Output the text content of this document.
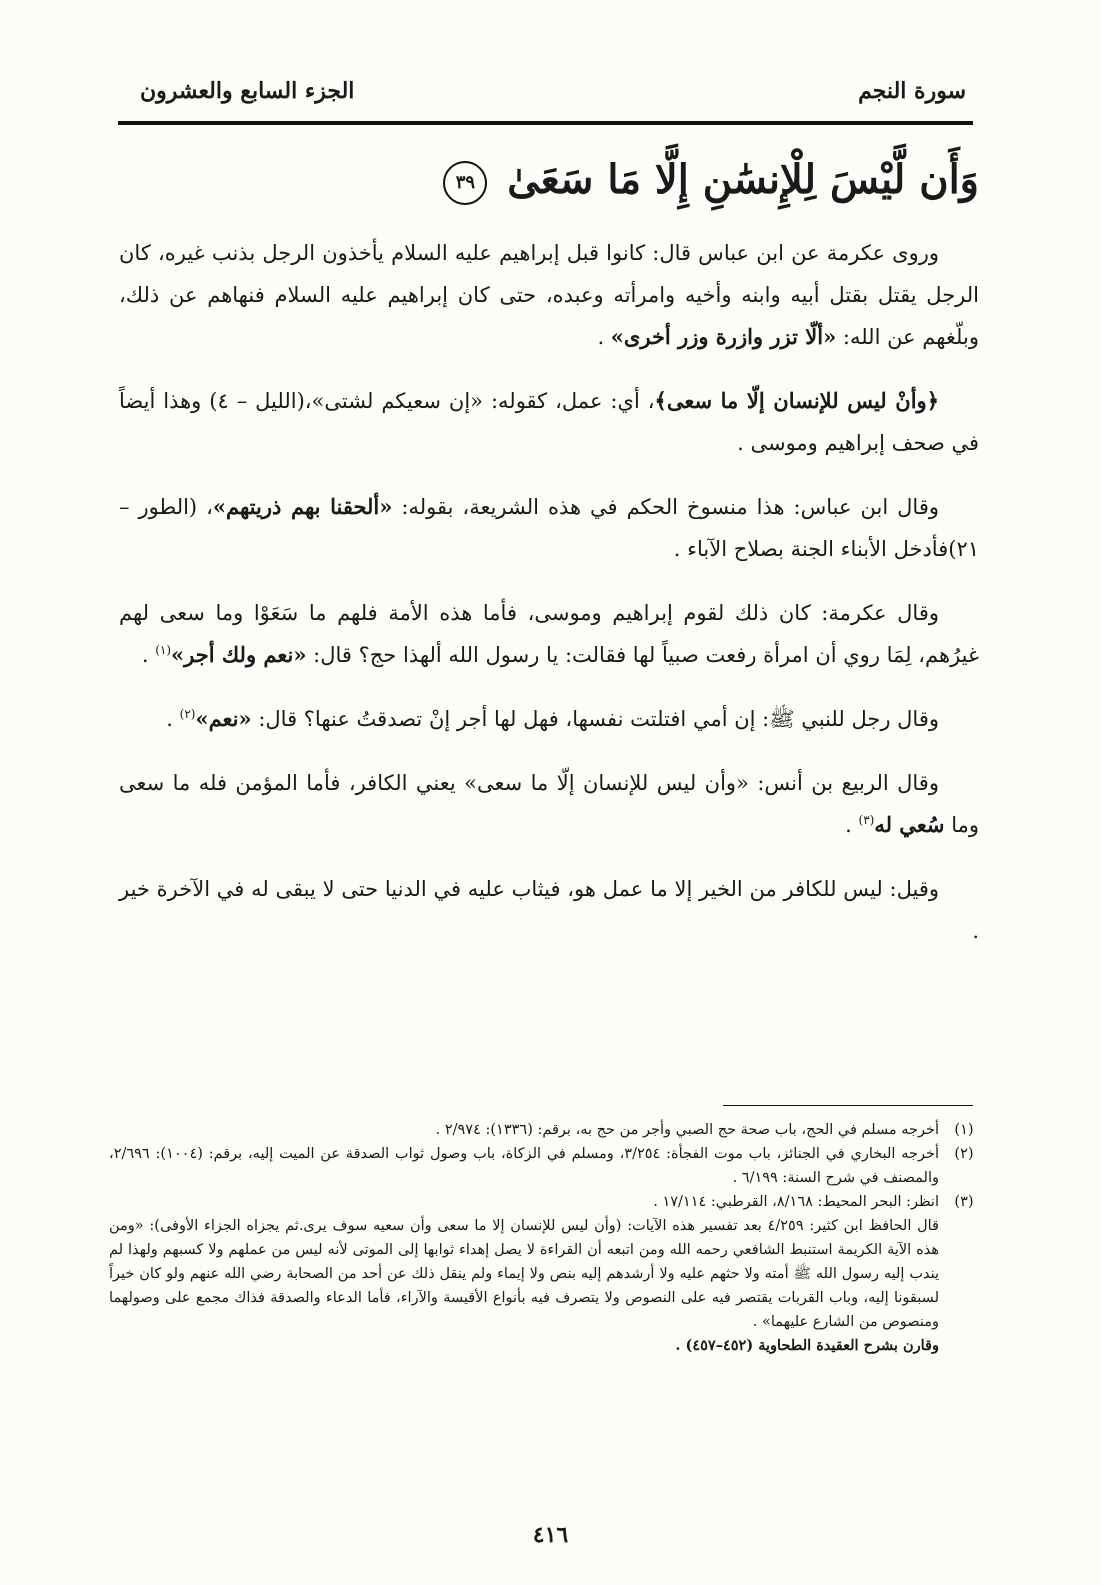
سورة النجم
الجزء السابع والعشرون
وَأَن لَّيْسَ لِلْإِنسَٰنِ إِلَّا مَا سَعَىٰ ٣٩

وروى عكرمة عن ابن عباس قال: كانوا قبل إبراهيم عليه السلام يأخذون الرجل بذنب غيره، كان الرجل يقتل بقتل أبيه وابنه وأخيه وامرأته وعبده، حتى كان إبراهيم عليه السلام فنهاهم عن ذلك، وبلّغهم عن الله: «ألّا تزر وازرة وزر أخرى» .

﴿وأنْ ليس للإنسان إلّا ما سعى﴾، أي: عمل، كقوله: «إن سعيكم لشتى»،(الليل – ٤) وهذا أيضاً في صحف إبراهيم وموسى .

وقال ابن عباس: هذا منسوخ الحكم في هذه الشريعة، بقوله: «ألحقنا بهم ذريتهم»، (الطور – ٢١)فأدخل الأبناء الجنة بصلاح الآباء .

وقال عكرمة: كان ذلك لقوم إبراهيم وموسى، فأما هذه الأمة فلهم ما سَعَوْا وما سعى لهم غيرُهم، لِمَا روي أن امرأة رفعت صبياً لها فقالت: يا رسول الله ألهذا حج؟ قال: «نعم ولك أجر»$^{(١)}$ .

وقال رجل للنبي ﷺ: إن أمي افتلتت نفسها، فهل لها أجر إنْ تصدقتُ عنها؟ قال: «نعم»$^{(٢)}$ .

وقال الربيع بن أنس: «وأن ليس للإنسان إلّا ما سعى» يعني الكافر، فأما المؤمن فله ما سعى وما سُعي له$^{(٣)}$ .

وقيل: ليس للكافر من الخير إلا ما عمل هو، فيثاب عليه في الدنيا حتى لا يبقى له في الآخرة خير .

(١)
أخرجه مسلم في الحج، باب صحة حج الصبي وأجر من حج به، برقم: (١٣٣٦): ٢/٩٧٤ .
(٢)
أخرجه البخاري في الجنائز، باب موت الفجأة: ٣/٢٥٤، ومسلم في الزكاة، باب وصول ثواب الصدقة عن الميت إليه، برقم: (١٠٠٤): ٢/٦٩٦، والمصنف في شرح السنة: ٦/١٩٩ .
(٣)
انظر: البحر المحيط: ٨/١٦٨، القرطبي: ١٧/١١٤ .
قال الحافظ ابن كثير: ٤/٢٥٩ بعد تفسير هذه الآيات: (وأن ليس للإنسان إلا ما سعى وأن سعيه سوف يرى.ثم يجزاه الجزاء الأوفى): «ومن هذه الآية الكريمة استنبط الشافعي رحمه الله ومن اتبعه أن القراءة لا يصل إهداء ثوابها إلى الموتى لأنه ليس من عملهم ولا كسبهم ولهذا لم يندب إليه رسول الله ﷺ أمته ولا حثهم عليه ولا أرشدهم إليه بنص ولا إيماء ولم ينقل ذلك عن أحد من الصحابة رضي الله عنهم ولو كان خيراً لسبقونا إليه، وباب القربات يقتصر فيه على النصوص ولا يتصرف فيه بأنواع الأقيسة والآراء، فأما الدعاء والصدقة فذاك مجمع على وصولهما ومنصوص من الشارع عليهما» .
وقارن بشرح العقيدة الطحاوية (٤٥٢–٤٥٧) .
٤١٦
